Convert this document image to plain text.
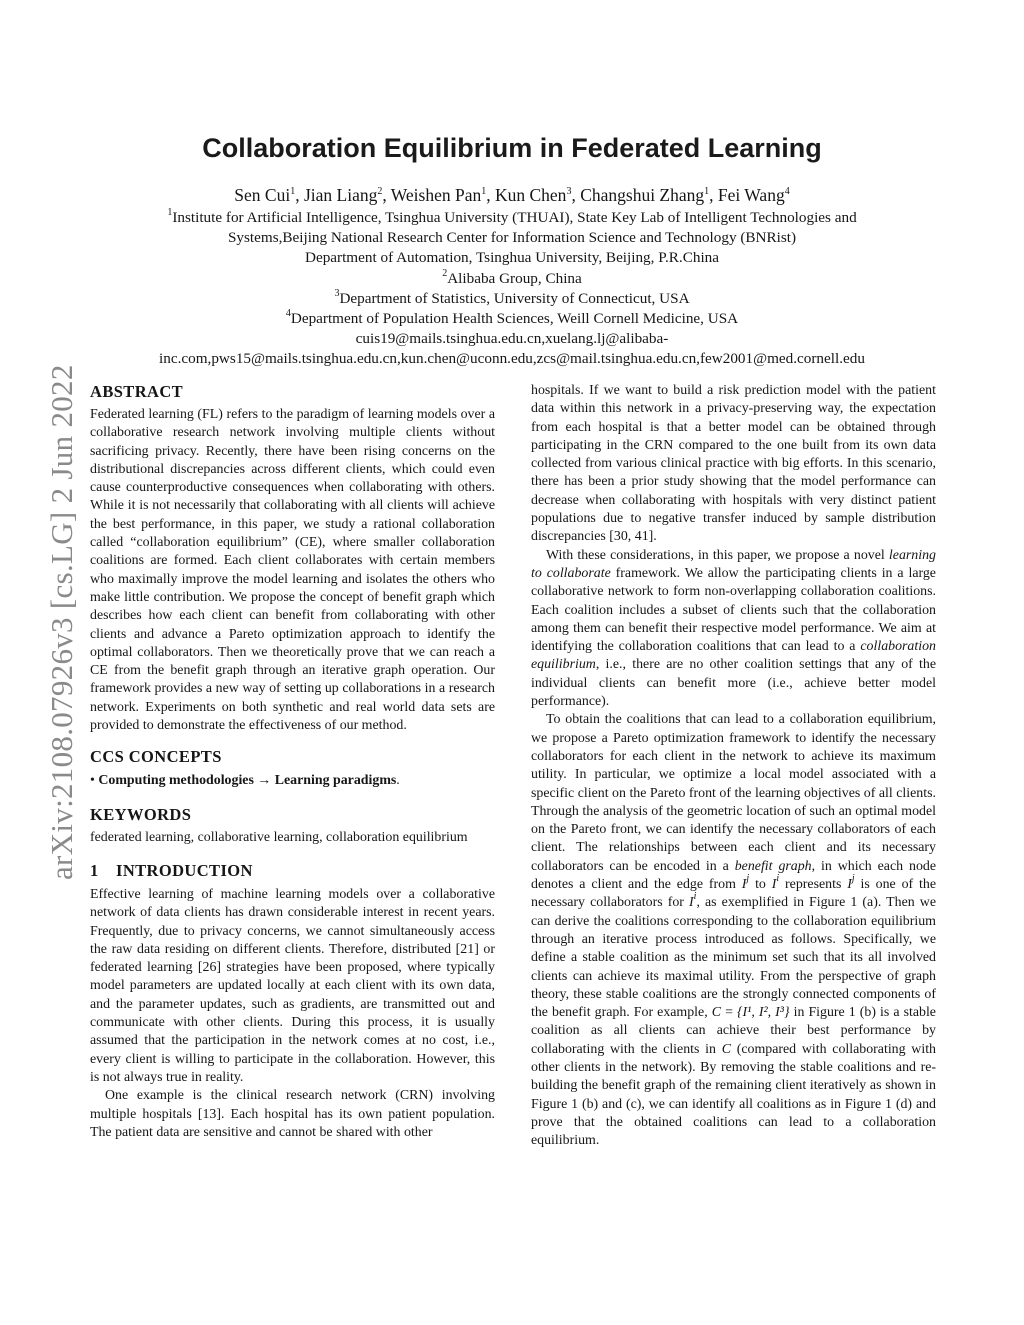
arXiv:2108.07926v3 [cs.LG] 2 Jun 2022
Collaboration Equilibrium in Federated Learning
Sen Cui$^1$, Jian Liang$^2$, Weishen Pan$^1$, Kun Chen$^3$, Changshui Zhang$^1$, Fei Wang$^4$
$^1$Institute for Artificial Intelligence, Tsinghua University (THUAI), State Key Lab of Intelligent Technologies and
Systems,Beijing National Research Center for Information Science and Technology (BNRist)
Department of Automation, Tsinghua University, Beijing, P.R.China
$^2$Alibaba Group, China
$^3$Department of Statistics, University of Connecticut, USA
$^4$Department of Population Health Sciences, Weill Cornell Medicine, USA
cuis19@mails.tsinghua.edu.cn,xuelang.lj@alibaba-
inc.com,pws15@mails.tsinghua.edu.cn,kun.chen@uconn.edu,zcs@mail.tsinghua.edu.cn,few2001@med.cornell.edu
ABSTRACT

Federated learning (FL) refers to the paradigm of learning models over a collaborative research network involving multiple clients without sacrificing privacy. Recently, there have been rising concerns on the distributional discrepancies across different clients, which could even cause counterproductive consequences when collaborating with others. While it is not necessarily that collaborating with all clients will achieve the best performance, in this paper, we study a rational collaboration called “collaboration equilibrium” (CE), where smaller collaboration coalitions are formed. Each client collaborates with certain members who maximally improve the model learning and isolates the others who make little contribution. We propose the concept of benefit graph which describes how each client can benefit from collaborating with other clients and advance a Pareto optimization approach to identify the optimal collaborators. Then we theoretically prove that we can reach a CE from the benefit graph through an iterative graph operation. Our framework provides a new way of setting up collaborations in a research network. Experiments on both synthetic and real world data sets are provided to demonstrate the effectiveness of our method.

CCS CONCEPTS

• Computing methodologies → Learning paradigms.

KEYWORDS

federated learning, collaborative learning, collaboration equilibrium

1 INTRODUCTION

Effective learning of machine learning models over a collaborative network of data clients has drawn considerable interest in recent years. Frequently, due to privacy concerns, we cannot simultaneously access the raw data residing on different clients. Therefore, distributed [21] or federated learning [26] strategies have been proposed, where typically model parameters are updated locally at each client with its own data, and the parameter updates, such as gradients, are transmitted out and communicate with other clients. During this process, it is usually assumed that the participation in the network comes at no cost, i.e., every client is willing to participate in the collaboration. However, this is not always true in reality.

One example is the clinical research network (CRN) involving multiple hospitals [13]. Each hospital has its own patient population. The patient data are sensitive and cannot be shared with other

hospitals. If we want to build a risk prediction model with the patient data within this network in a privacy-preserving way, the expectation from each hospital is that a better model can be obtained through participating in the CRN compared to the one built from its own data collected from various clinical practice with big efforts. In this scenario, there has been a prior study showing that the model performance can decrease when collaborating with hospitals with very distinct patient populations due to negative transfer induced by sample distribution discrepancies [30, 41].

With these considerations, in this paper, we propose a novel learning to collaborate framework. We allow the participating clients in a large collaborative network to form non-overlapping collaboration coalitions. Each coalition includes a subset of clients such that the collaboration among them can benefit their respective model performance. We aim at identifying the collaboration coalitions that can lead to a collaboration equilibrium, i.e., there are no other coalition settings that any of the individual clients can benefit more (i.e., achieve better model performance).

To obtain the coalitions that can lead to a collaboration equilibrium, we propose a Pareto optimization framework to identify the necessary collaborators for each client in the network to achieve its maximum utility. In particular, we optimize a local model associated with a specific client on the Pareto front of the learning objectives of all clients. Through the analysis of the geometric location of such an optimal model on the Pareto front, we can identify the necessary collaborators of each client. The relationships between each client and its necessary collaborators can be encoded in a benefit graph, in which each node denotes a client and the edge from $I^j$ to $I^i$ represents $I^j$ is one of the necessary collaborators for $I^i$, as exemplified in Figure 1 (a). Then we can derive the coalitions corresponding to the collaboration equilibrium through an iterative process introduced as follows. Specifically, we define a stable coalition as the minimum set such that its all involved clients can achieve its maximal utility. From the perspective of graph theory, these stable coalitions are the strongly connected components of the benefit graph. For example, C = {I¹, I², I³} in Figure 1 (b) is a stable coalition as all clients can achieve their best performance by collaborating with the clients in C (compared with collaborating with other clients in the network). By removing the stable coalitions and re-building the benefit graph of the remaining client iteratively as shown in Figure 1 (b) and (c), we can identify all coalitions as in Figure 1 (d) and prove that the obtained coalitions can lead to a collaboration equilibrium.
